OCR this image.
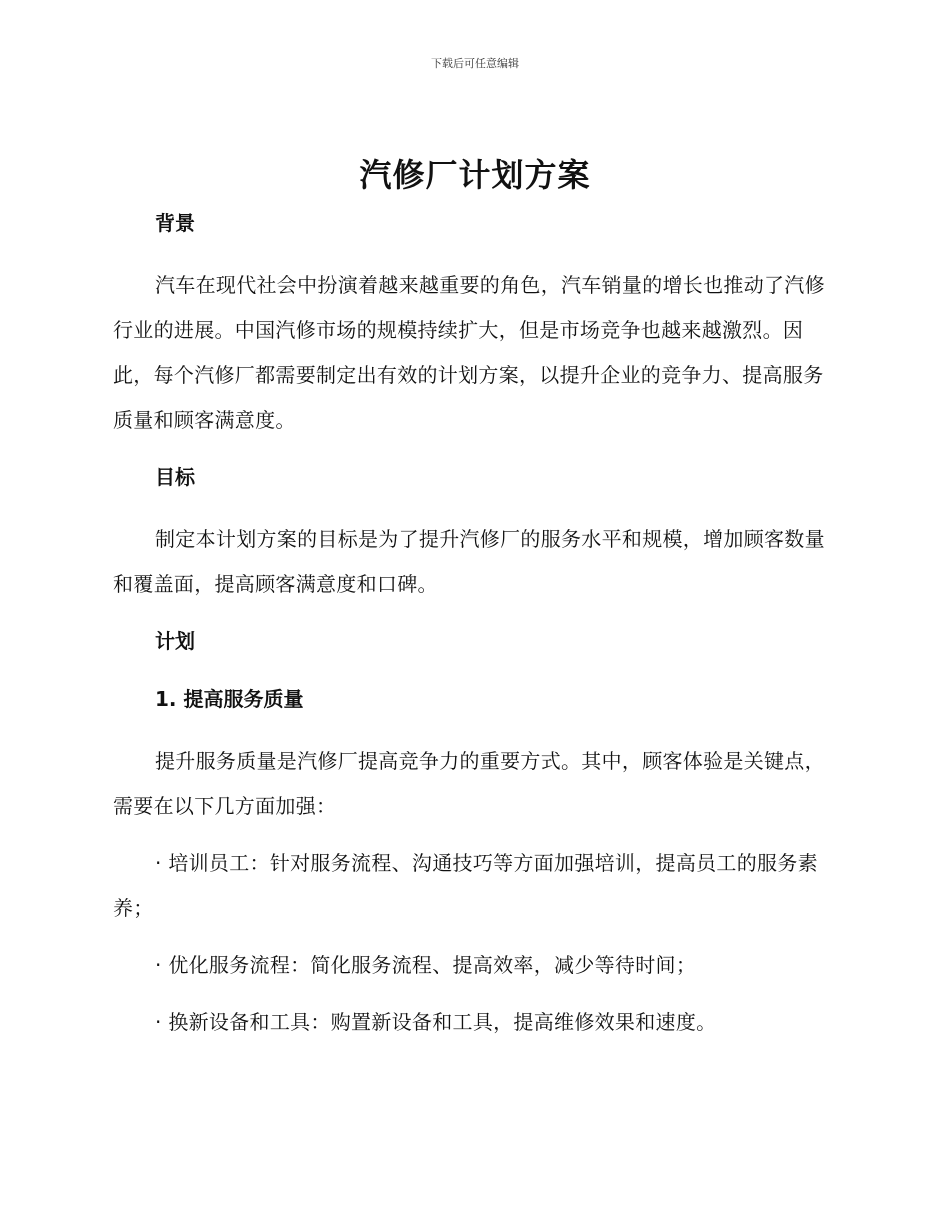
下载后可任意编辑
汽修厂计划方案

背景

汽车在现代社会中扮演着越来越重要的角色，汽车销量的增长也推动了汽修行业的进展。中国汽修市场的规模持续扩大，但是市场竞争也越来越激烈。因此，每个汽修厂都需要制定出有效的计划方案，以提升企业的竞争力、提高服务质量和顾客满意度。

目标

制定本计划方案的目标是为了提升汽修厂的服务水平和规模，增加顾客数量和覆盖面，提高顾客满意度和口碑。

计划

1. 提高服务质量

提升服务质量是汽修厂提高竞争力的重要方式。其中，顾客体验是关键点，需要在以下几方面加强：

· 培训员工：针对服务流程、沟通技巧等方面加强培训，提高员工的服务素养；

· 优化服务流程：简化服务流程、提高效率，减少等待时间；

· 换新设备和工具：购置新设备和工具，提高维修效果和速度。
